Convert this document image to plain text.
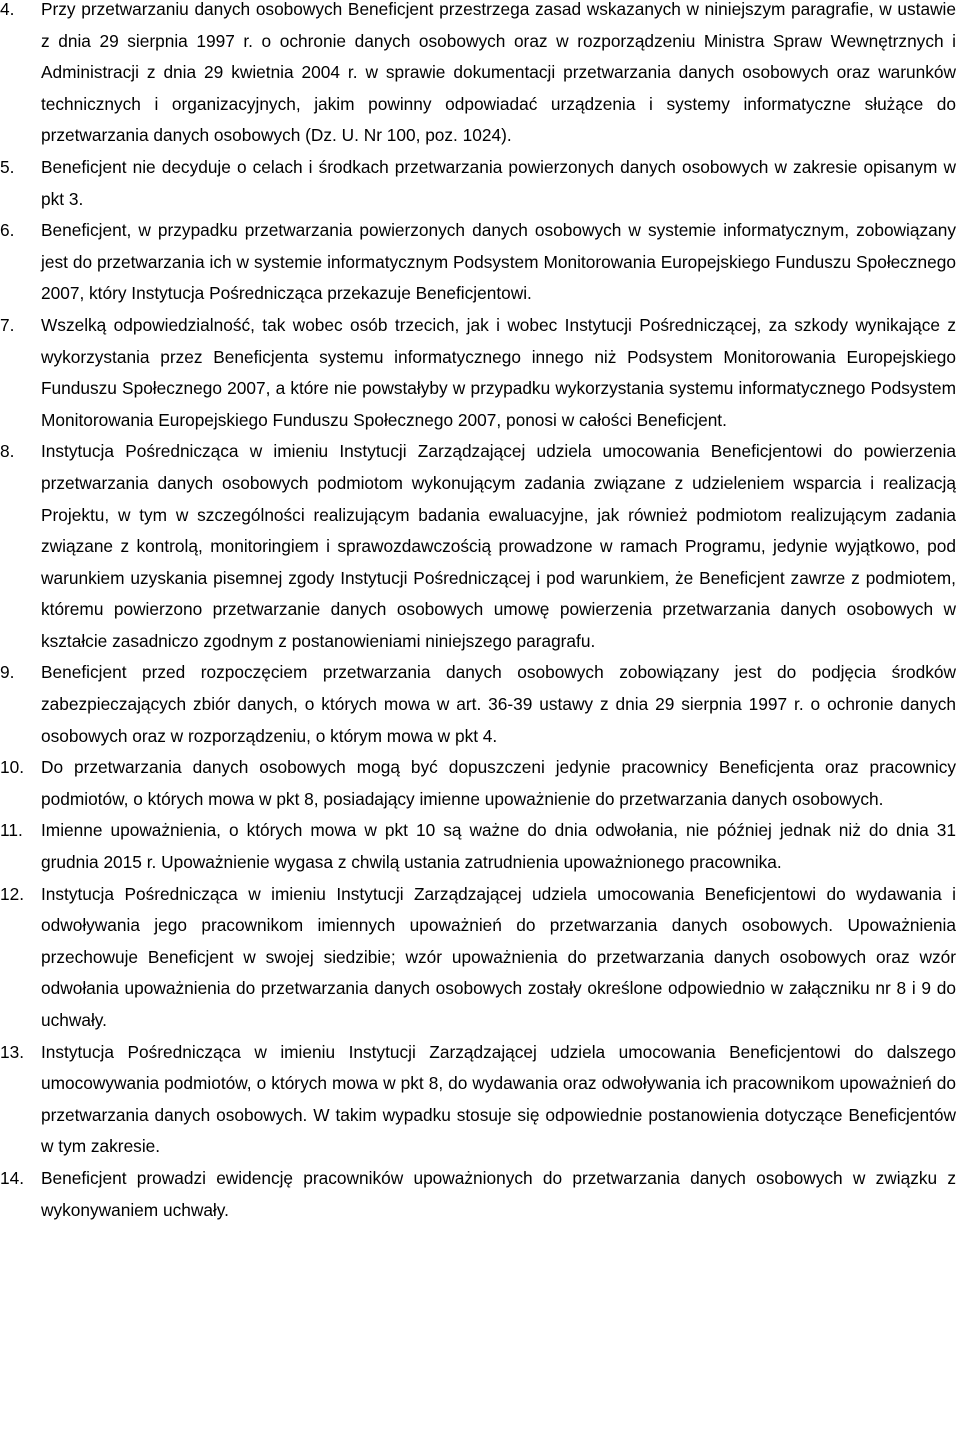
4. Przy przetwarzaniu danych osobowych Beneficjent przestrzega zasad wskazanych w niniejszym paragrafie, w ustawie z dnia 29 sierpnia 1997 r. o ochronie danych osobowych oraz w rozporządzeniu Ministra Spraw Wewnętrznych i Administracji z dnia 29 kwietnia 2004 r. w sprawie dokumentacji przetwarzania danych osobowych oraz warunków technicznych i organizacyjnych, jakim powinny odpowiadać urządzenia i systemy informatyczne służące do przetwarzania danych osobowych (Dz. U. Nr 100, poz. 1024).
5. Beneficjent nie decyduje o celach i środkach przetwarzania powierzonych danych osobowych w zakresie opisanym w pkt 3.
6. Beneficjent, w przypadku przetwarzania powierzonych danych osobowych w systemie informatycznym, zobowiązany jest do przetwarzania ich w systemie informatycznym Podsystem Monitorowania Europejskiego Funduszu Społecznego 2007, który Instytucja Pośrednicząca przekazuje Beneficjentowi.
7. Wszelką odpowiedzialność, tak wobec osób trzecich, jak i wobec Instytucji Pośredniczącej, za szkody wynikające z wykorzystania przez Beneficjenta systemu informatycznego innego niż Podsystem Monitorowania Europejskiego Funduszu Społecznego 2007, a które nie powstałyby w przypadku wykorzystania systemu informatycznego Podsystem Monitorowania Europejskiego Funduszu Społecznego 2007, ponosi w całości Beneficjent.
8. Instytucja Pośrednicząca w imieniu Instytucji Zarządzającej udziela umocowania Beneficjentowi do powierzenia przetwarzania danych osobowych podmiotom wykonującym zadania związane z udzieleniem wsparcia i realizacją Projektu, w tym w szczególności realizującym badania ewaluacyjne, jak również podmiotom realizującym zadania związane z kontrolą, monitoringiem i sprawozdawczością prowadzone w ramach Programu, jedynie wyjątkowo, pod warunkiem uzyskania pisemnej zgody Instytucji Pośredniczącej i pod warunkiem, że Beneficjent zawrze z podmiotem, któremu powierzono przetwarzanie danych osobowych umowę powierzenia przetwarzania danych osobowych w kształcie zasadniczo zgodnym z postanowieniami niniejszego paragrafu.
9. Beneficjent przed rozpoczęciem przetwarzania danych osobowych zobowiązany jest do podjęcia środków zabezpieczających zbiór danych, o których mowa w art. 36-39 ustawy z dnia 29 sierpnia 1997 r. o ochronie danych osobowych oraz w rozporządzeniu, o którym mowa w pkt 4.
10. Do przetwarzania danych osobowych mogą być dopuszczeni jedynie pracownicy Beneficjenta oraz pracownicy podmiotów, o których mowa w pkt 8, posiadający imienne upoważnienie do przetwarzania danych osobowych.
11. Imienne upoważnienia, o których mowa w pkt 10 są ważne do dnia odwołania, nie później jednak niż do dnia 31 grudnia 2015 r. Upoważnienie wygasa z chwilą ustania zatrudnienia upoważnionego pracownika.
12. Instytucja Pośrednicząca w imieniu Instytucji Zarządzającej udziela umocowania Beneficjentowi do wydawania i odwoływania jego pracownikom imiennych upoważnień do przetwarzania danych osobowych. Upoważnienia przechowuje Beneficjent w swojej siedzibie; wzór upoważnienia do przetwarzania danych osobowych oraz wzór odwołania upoważnienia do przetwarzania danych osobowych zostały określone odpowiednio w załączniku nr 8 i 9 do uchwały.
13. Instytucja Pośrednicząca w imieniu Instytucji Zarządzającej udziela umocowania Beneficjentowi do dalszego umocowywania podmiotów, o których mowa w pkt 8, do wydawania oraz odwoływania ich pracownikom upoważnień do przetwarzania danych osobowych. W takim wypadku stosuje się odpowiednie postanowienia dotyczące Beneficjentów w tym zakresie.
14. Beneficjent prowadzi ewidencję pracowników upoważnionych do przetwarzania danych osobowych w związku z wykonywaniem uchwały.
